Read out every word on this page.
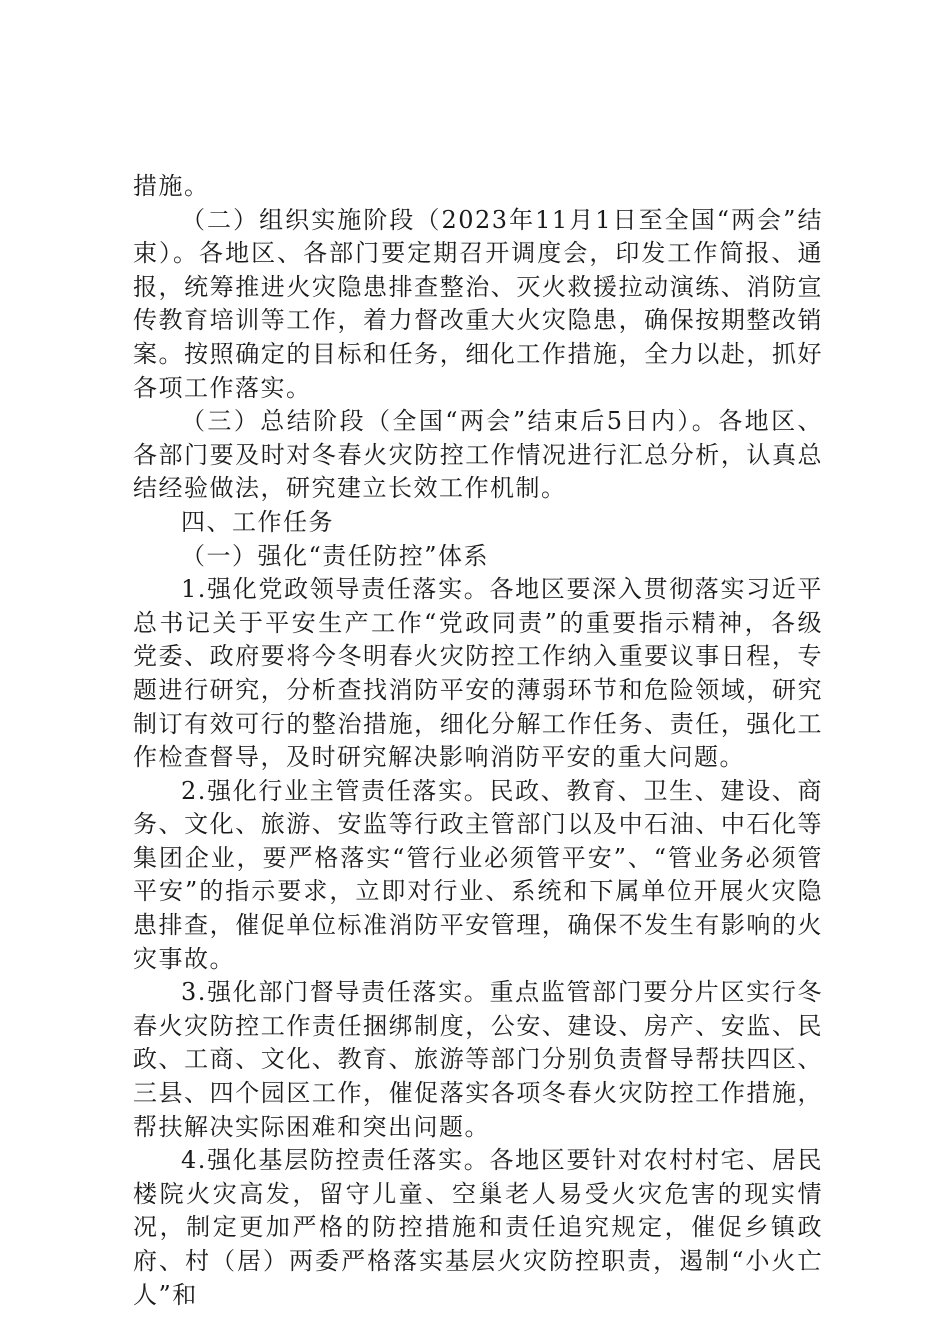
措施。

（二）组织实施阶段（2023年11月1日至全国“两会”结束）。各地区、各部门要定期召开调度会，印发工作简报、通报，统筹推进火灾隐患排查整治、灭火救援拉动演练、消防宣传教育培训等工作，着力督改重大火灾隐患，确保按期整改销案。按照确定的目标和任务，细化工作措施，全力以赴，抓好各项工作落实。

（三）总结阶段（全国“两会”结束后5日内）。各地区、各部门要及时对冬春火灾防控工作情况进行汇总分析，认真总结经验做法，研究建立长效工作机制。

四、工作任务

（一）强化“责任防控”体系

1.强化党政领导责任落实。各地区要深入贯彻落实习近平总书记关于平安生产工作“党政同责”的重要指示精神，各级党委、政府要将今冬明春火灾防控工作纳入重要议事日程，专题进行研究，分析查找消防平安的薄弱环节和危险领域，研究制订有效可行的整治措施，细化分解工作任务、责任，强化工作检查督导，及时研究解决影响消防平安的重大问题。

2.强化行业主管责任落实。民政、教育、卫生、建设、商务、文化、旅游、安监等行政主管部门以及中石油、中石化等集团企业，要严格落实“管行业必须管平安”、“管业务必须管平安”的指示要求，立即对行业、系统和下属单位开展火灾隐患排查，催促单位标准消防平安管理，确保不发生有影响的火灾事故。

3.强化部门督导责任落实。重点监管部门要分片区实行冬春火灾防控工作责任捆绑制度，公安、建设、房产、安监、民政、工商、文化、教育、旅游等部门分别负责督导帮扶四区、三县、四个园区工作，催促落实各项冬春火灾防控工作措施，帮扶解决实际困难和突出问题。

4.强化基层防控责任落实。各地区要针对农村村宅、居民楼院火灾高发，留守儿童、空巢老人易受火灾危害的现实情况，制定更加严格的防控措施和责任追究规定，催促乡镇政府、村（居）两委严格落实基层火灾防控职责，遏制“小火亡人”和
